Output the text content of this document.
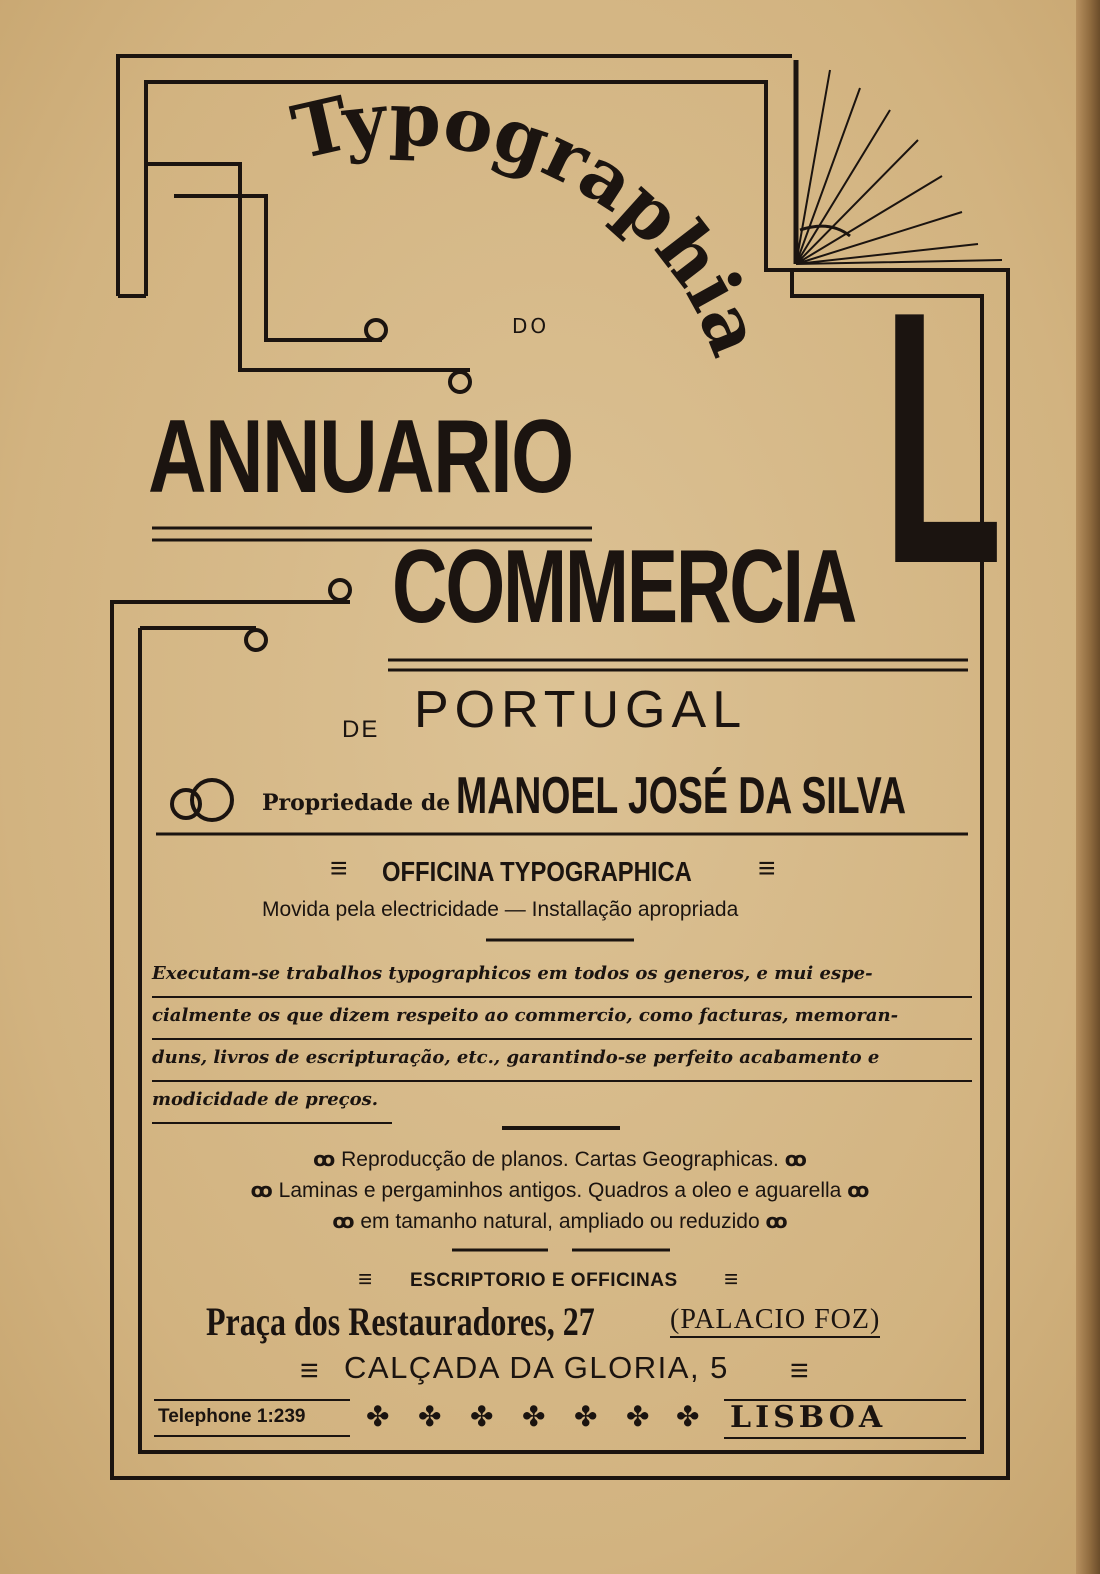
Typographia

DO

ANNUARIO L

COMMERCIA

DE PORTUGAL

Propriedade de MANOEL JOSÉ DA SILVA

≡ OFFICINA TYPOGRAPHICA ≡

Movida pela electricidade — Installação apropriada

Executam-se trabalhos typographicos em todos os generos, e mui espe-
cialmente os que dizem respeito ao commercio, como facturas, memoran-
duns, livros de escripturação, etc., garantindo-se perfeito acabamento e
modicidade de preços.
ꝏ Reproducção de planos. Cartas Geographicas. ꝏ
ꝏ Laminas e pergaminhos antigos. Quadros a oleo e aguarella ꝏ
ꝏ em tamanho natural, ampliado ou reduzido ꝏ

≡ ESCRIPTORIO E OFFICINAS ≡

Praça dos Restauradores, 27	(PALACIO FOZ)

≡ CALÇADA DA GLORIA, 5 ≡

Telephone 1:239 ✤ ✤ ✤ ✤ ✤ ✤ ✤ LISBOA
